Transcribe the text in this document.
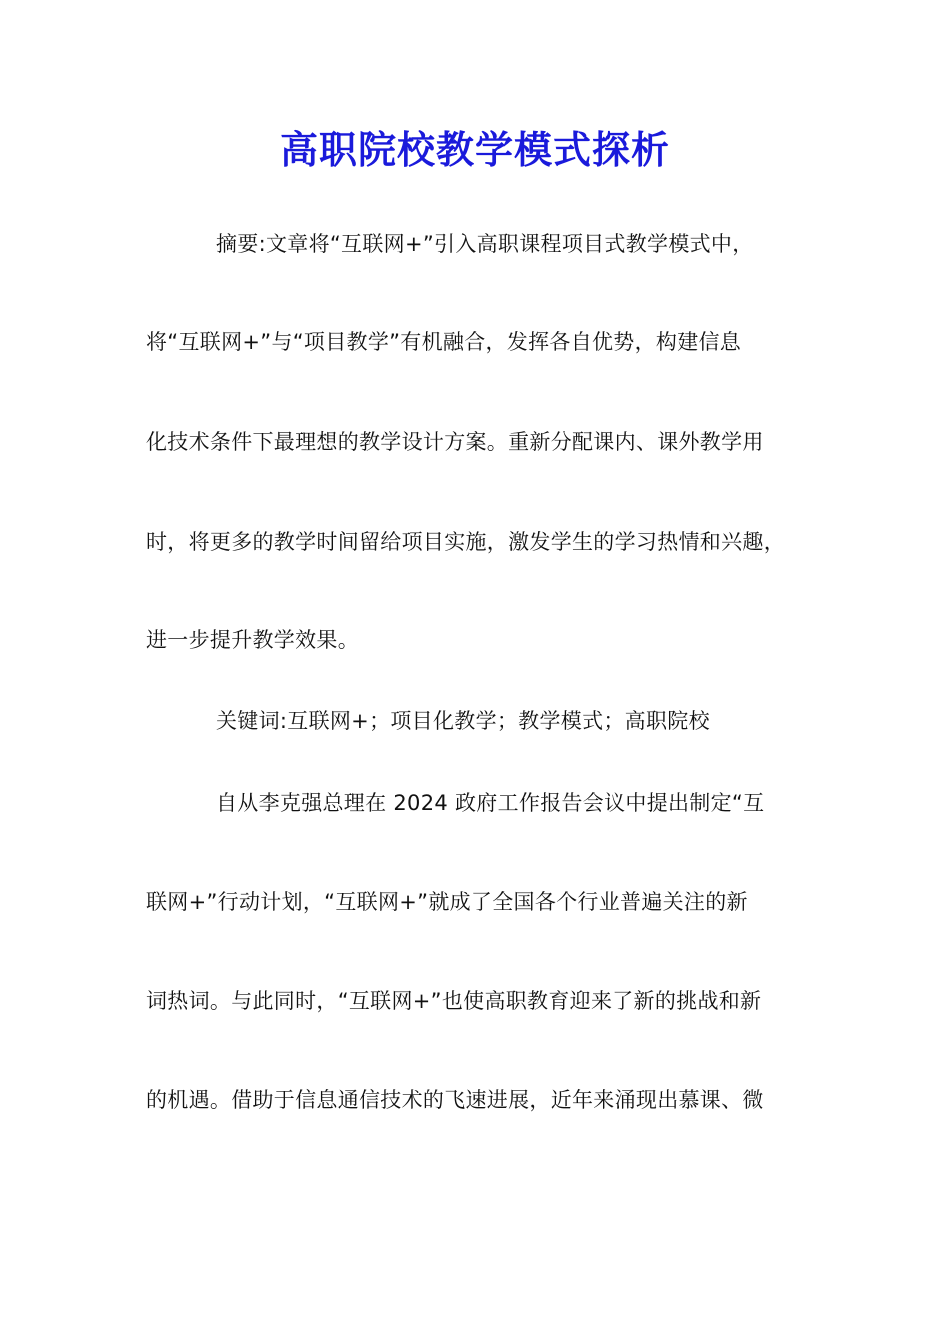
高职院校教学模式探析

摘要:文章将“互联网+”引入高职课程项目式教学模式中，

将“互联网+”与“项目教学”有机融合，发挥各自优势，构建信息

化技术条件下最理想的教学设计方案。重新分配课内、课外教学用

时，将更多的教学时间留给项目实施，激发学生的学习热情和兴趣，

进一步提升教学效果。

关键词:互联网+；项目化教学；教学模式；高职院校

自从李克强总理在 2024 政府工作报告会议中提出制定“互

联网+”行动计划，“互联网+”就成了全国各个行业普遍关注的新

词热词。与此同时，“互联网+”也使高职教育迎来了新的挑战和新

的机遇。借助于信息通信技术的飞速进展，近年来涌现出慕课、微
